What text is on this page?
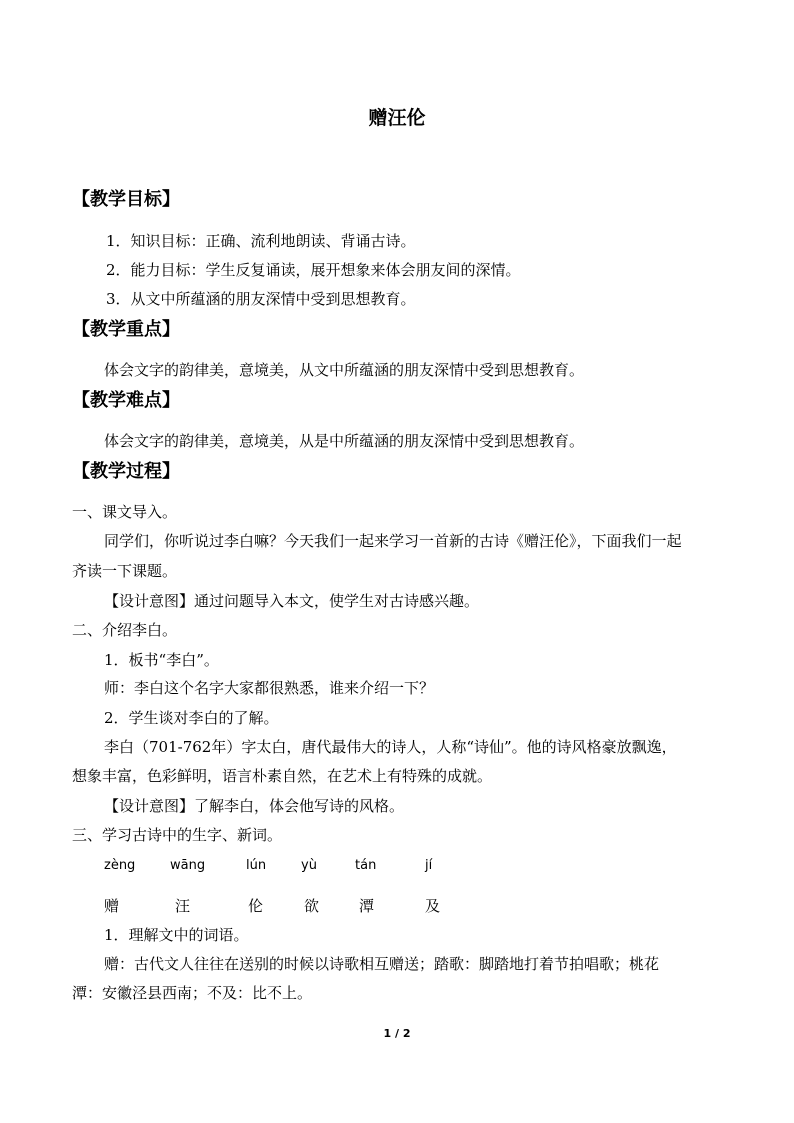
赠汪伦
【教学目标】
1．知识目标：正确、流利地朗读、背诵古诗。
2．能力目标：学生反复诵读，展开想象来体会朋友间的深情。
3．从文中所蕴涵的朋友深情中受到思想教育。
【教学重点】
体会文字的韵律美，意境美，从文中所蕴涵的朋友深情中受到思想教育。
【教学难点】
体会文字的韵律美，意境美，从是中所蕴涵的朋友深情中受到思想教育。
【教学过程】
一、课文导入。
同学们，你听说过李白嘛？今天我们一起来学习一首新的古诗《赠汪伦》，下面我们一起
齐读一下课题。
【设计意图】通过问题导入本文，使学生对古诗感兴趣。
二、介绍李白。
1．板书“李白”。
师：李白这个名字大家都很熟悉，谁来介绍一下？
2．学生谈对李白的了解。
李白（701-762年）字太白，唐代最伟大的诗人，人称“诗仙”。他的诗风格豪放飘逸，
想象丰富，色彩鲜明，语言朴素自然，在艺术上有特殊的成就。
【设计意图】了解李白，体会他写诗的风格。
三、学习古诗中的生字、新词。
zèng	wāng	lún	yù	tán	jí
赠	汪	伦	欲	潭	及
1．理解文中的词语。
赠：古代文人往往在送别的时候以诗歌相互赠送；踏歌：脚踏地打着节拍唱歌；桃花
潭：安徽泾县西南；不及：比不上。
1 / 2
